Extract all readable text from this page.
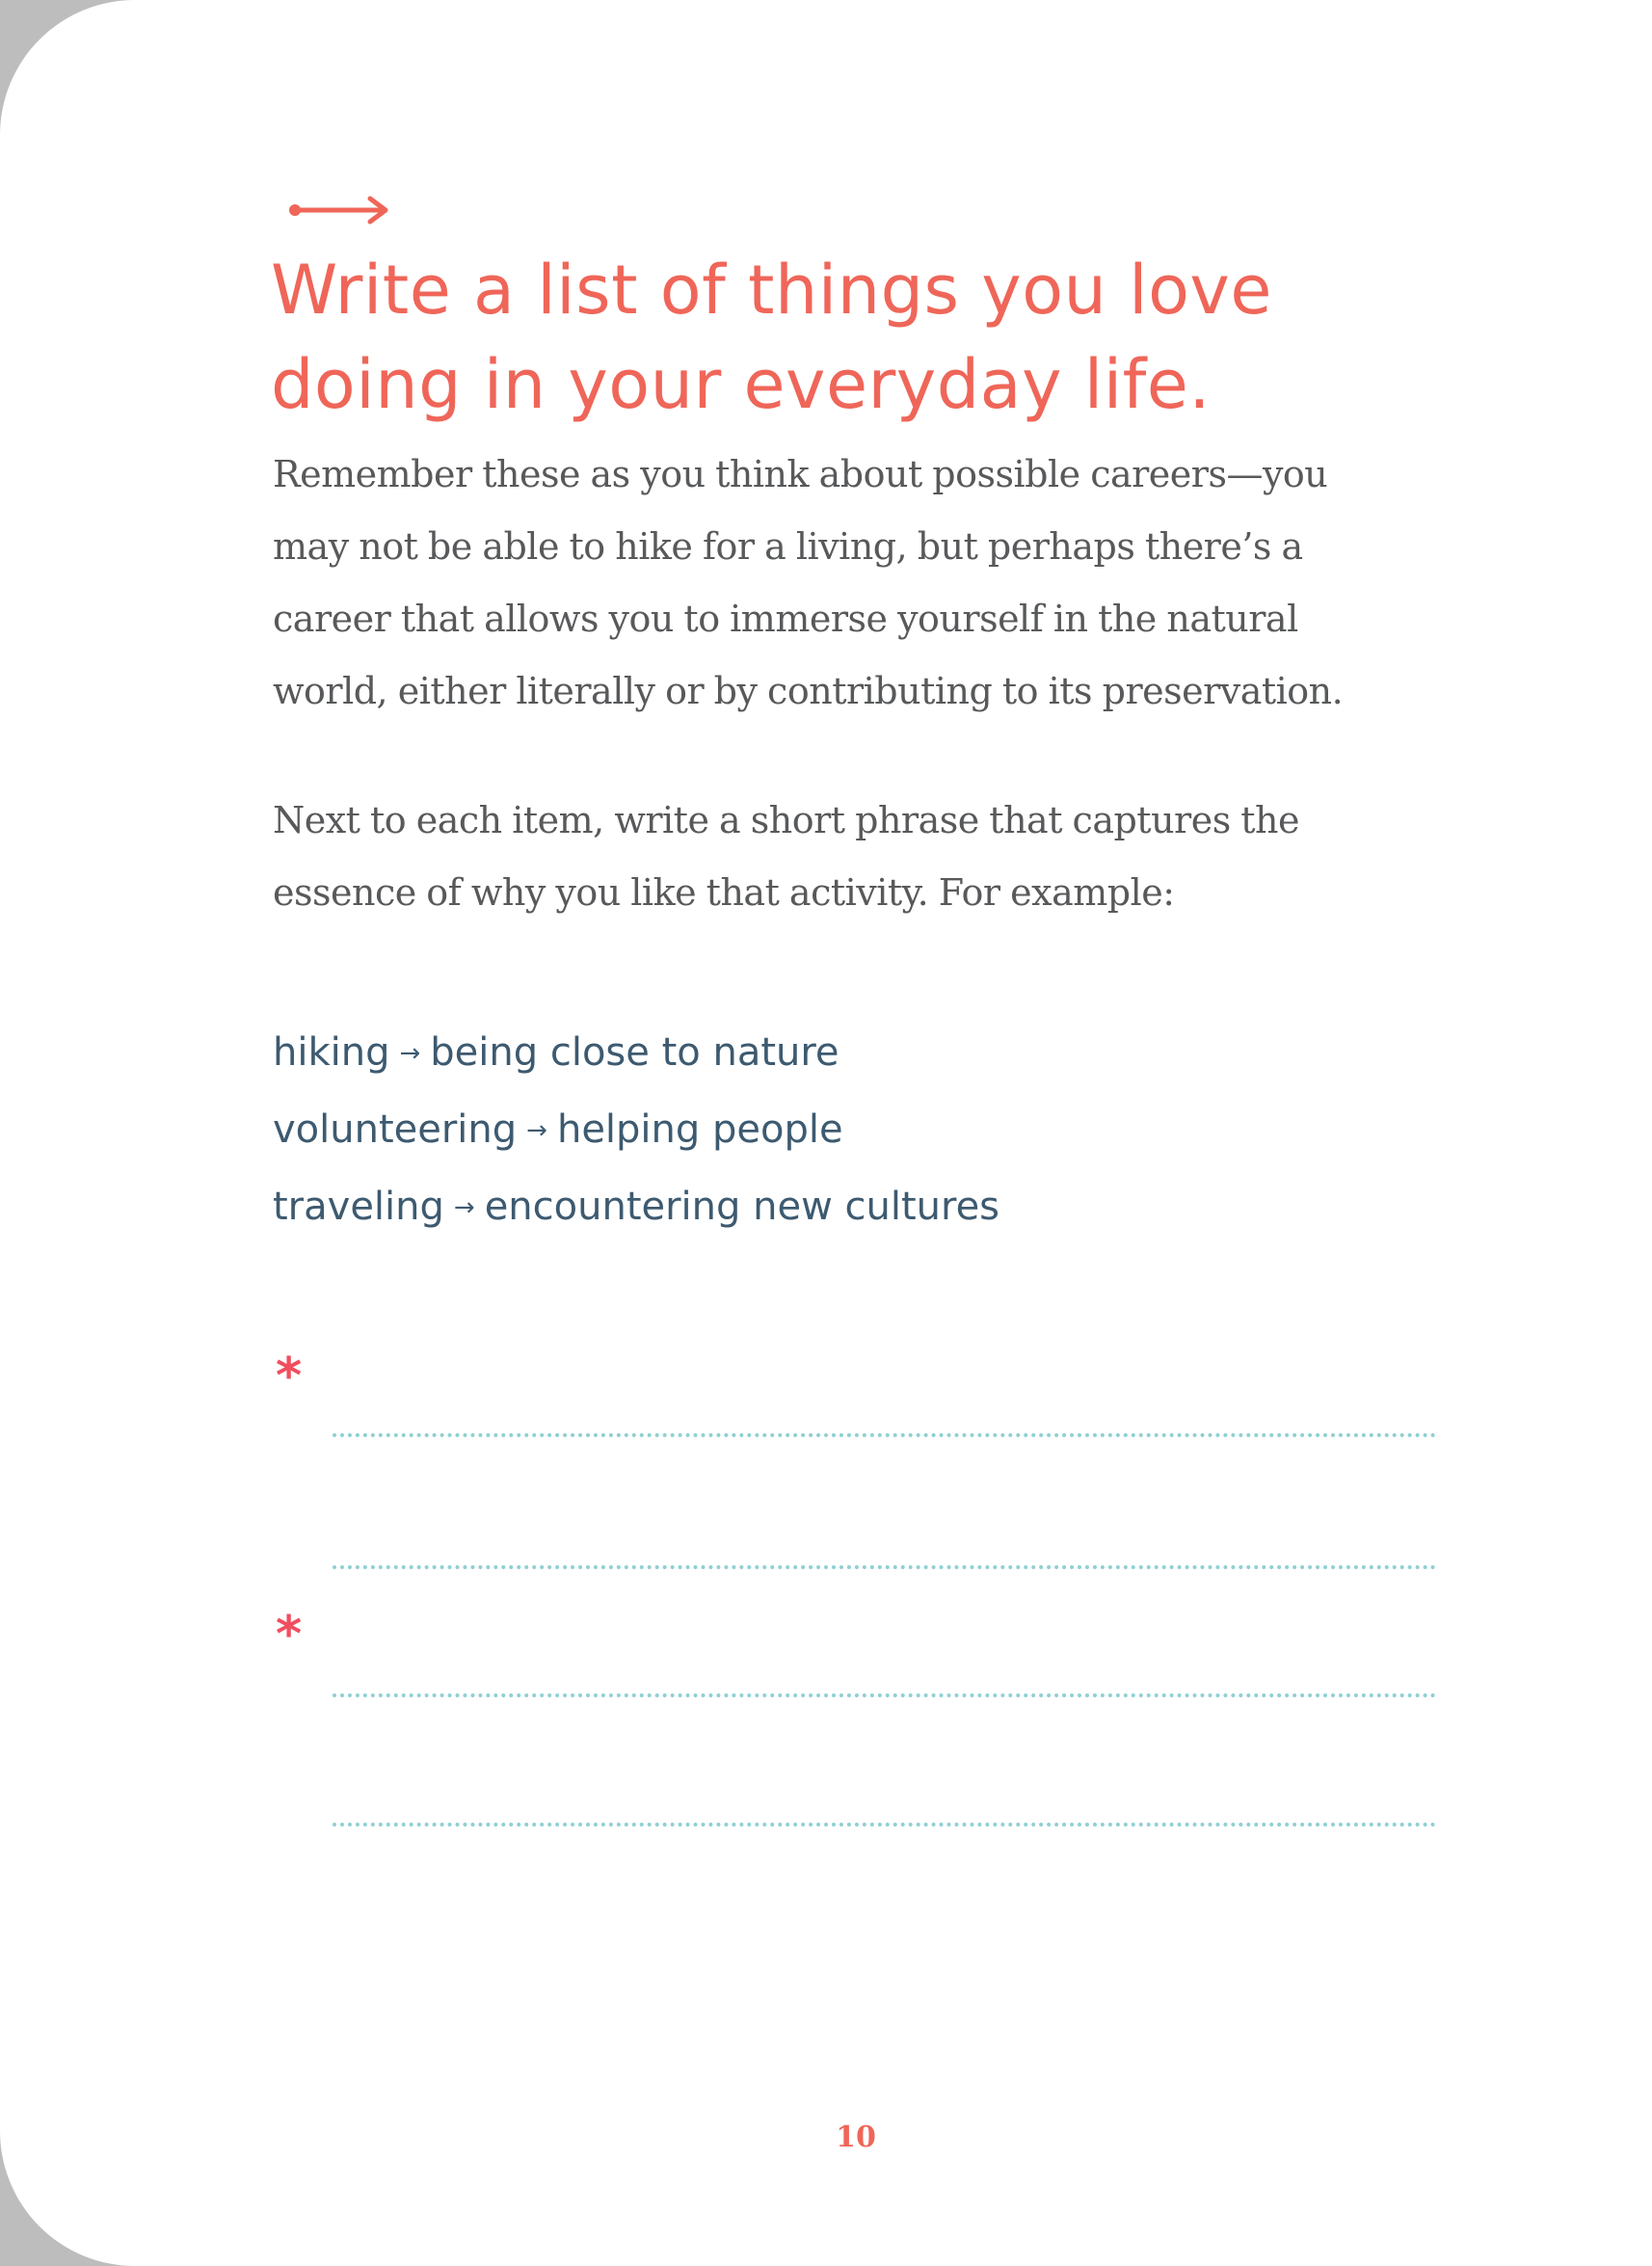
Write a list of things you love
doing in your everyday life.
Remember these as you think about possible careers—you
may not be able to hike for a living, but perhaps there’s a
career that allows you to immerse yourself in the natural
world, either literally or by contributing to its preservation.
Next to each item, write a short phrase that captures the
essence of why you like that activity. For example:
hiking → being close to nature
volunteering → helping people
traveling → encountering new cultures
*
*
10
